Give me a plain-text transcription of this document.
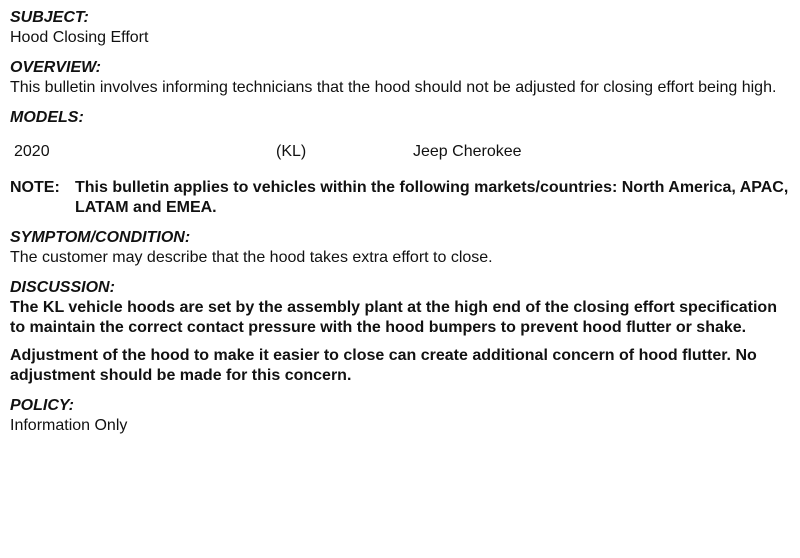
SUBJECT:

Hood Closing Effort

OVERVIEW:

This bulletin involves informing technicians that the hood should not be adjusted for closing effort being high.

MODELS:

2020	(KL)	Jeep Cherokee
NOTE: This bulletin applies to vehicles within the following markets/countries: North America, APAC, LATAM and EMEA.

SYMPTOM/CONDITION:

The customer may describe that the hood takes extra effort to close.

DISCUSSION:

The KL vehicle hoods are set by the assembly plant at the high end of the closing effort specification to maintain the correct contact pressure with the hood bumpers to prevent hood flutter or shake.

Adjustment of the hood to make it easier to close can create additional concern of hood flutter. No adjustment should be made for this concern.

POLICY:

Information Only
